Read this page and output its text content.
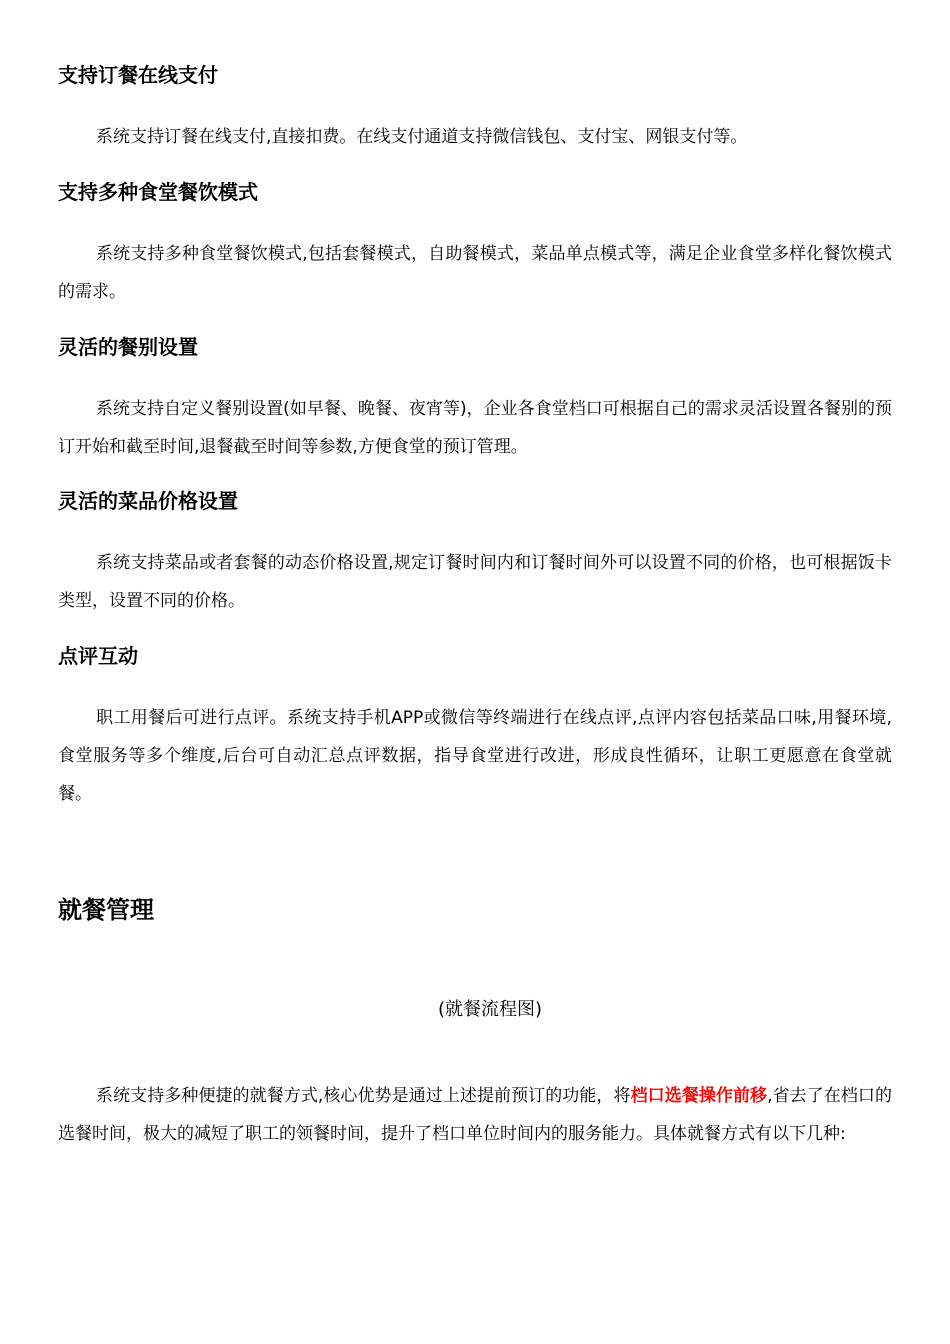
支持订餐在线支付
系统支持订餐在线支付,直接扣费。在线支付通道支持微信钱包、支付宝、网银支付等。
支持多种食堂餐饮模式
系统支持多种食堂餐饮模式,包括套餐模式，自助餐模式，菜品单点模式等，满足企业食堂多样化餐饮模式的需求。
灵活的餐别设置
系统支持自定义餐别设置(如早餐、晚餐、夜宵等)，企业各食堂档口可根据自己的需求灵活设置各餐别的预订开始和截至时间,退餐截至时间等参数,方便食堂的预订管理。
灵活的菜品价格设置
系统支持菜品或者套餐的动态价格设置,规定订餐时间内和订餐时间外可以设置不同的价格，也可根据饭卡类型，设置不同的价格。
点评互动
职工用餐后可进行点评。系统支持手机APP或微信等终端进行在线点评,点评内容包括菜品口味,用餐环境,食堂服务等多个维度,后台可自动汇总点评数据，指导食堂进行改进，形成良性循环，让职工更愿意在食堂就餐。
就餐管理
(就餐流程图)
系统支持多种便捷的就餐方式,核心优势是通过上述提前预订的功能，将档口选餐操作前移,省去了在档口的选餐时间，极大的减短了职工的领餐时间，提升了档口单位时间内的服务能力。具体就餐方式有以下几种:
